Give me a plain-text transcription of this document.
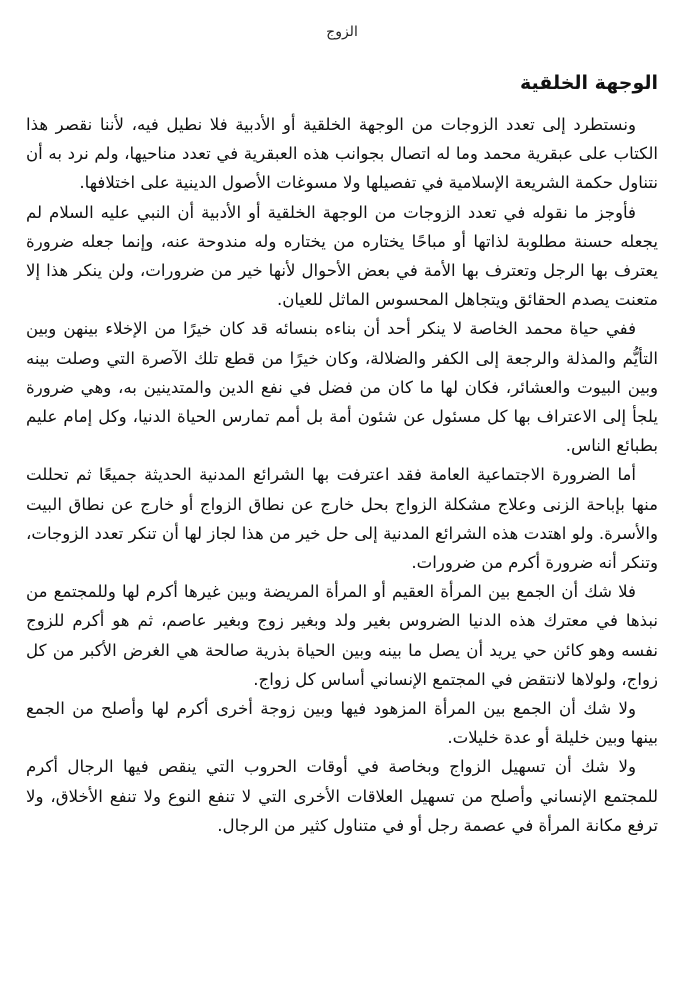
الزوج
الوجهة الخلقية

ونستطرد إلى تعدد الزوجات من الوجهة الخلقية أو الأدبية فلا نطيل فيه، لأننا نقصر هذا الكتاب على عبقرية محمد وما له اتصال بجوانب هذه العبقرية في تعدد مناحيها، ولم نرد به أن نتناول حكمة الشريعة الإسلامية في تفصيلها ولا مسوغات الأصول الدينية على اختلافها.

فأوجز ما نقوله في تعدد الزوجات من الوجهة الخلقية أو الأدبية أن النبي عليه السلام لم يجعله حسنة مطلوبة لذاتها أو مباحًا يختاره من يختاره وله مندوحة عنه، وإنما جعله ضرورة يعترف بها الرجل وتعترف بها الأمة في بعض الأحوال لأنها خير من ضرورات، ولن ينكر هذا إلا متعنت يصدم الحقائق ويتجاهل المحسوس الماثل للعيان.

ففي حياة محمد الخاصة لا ينكر أحد أن بناءه بنسائه قد كان خيرًا من الإخلاء بينهن وبين التأيُّم والمذلة والرجعة إلى الكفر والضلالة، وكان خيرًا من قطع تلك الآصرة التي وصلت بينه وبين البيوت والعشائر، فكان لها ما كان من فضل في نفع الدين والمتدينين به، وهي ضرورة يلجأ إلى الاعتراف بها كل مسئول عن شئون أمة بل أمم تمارس الحياة الدنيا، وكل إمام عليم بطبائع الناس.

أما الضرورة الاجتماعية العامة فقد اعترفت بها الشرائع المدنية الحديثة جميعًا ثم تحللت منها بإباحة الزنى وعلاج مشكلة الزواج بحل خارج عن نطاق الزواج أو خارج عن نطاق البيت والأسرة. ولو اهتدت هذه الشرائع المدنية إلى حل خير من هذا لجاز لها أن تنكر تعدد الزوجات، وتنكر أنه ضرورة أكرم من ضرورات.

فلا شك أن الجمع بين المرأة العقيم أو المرأة المريضة وبين غيرها أكرم لها وللمجتمع من نبذها في معترك هذه الدنيا الضروس بغير ولد وبغير زوج وبغير عاصم، ثم هو أكرم للزوج نفسه وهو كائن حي يريد أن يصل ما بينه وبين الحياة بذرية صالحة هي الغرض الأكبر من كل زواج، ولولاها لانتقض في المجتمع الإنساني أساس كل زواج.

ولا شك أن الجمع بين المرأة المزهود فيها وبين زوجة أخرى أكرم لها وأصلح من الجمع بينها وبين خليلة أو عدة خليلات.

ولا شك أن تسهيل الزواج وبخاصة في أوقات الحروب التي ينقص فيها الرجال أكرم للمجتمع الإنساني وأصلح من تسهيل العلاقات الأخرى التي لا تنفع النوع ولا تنفع الأخلاق، ولا ترفع مكانة المرأة في عصمة رجل أو في متناول كثير من الرجال.
